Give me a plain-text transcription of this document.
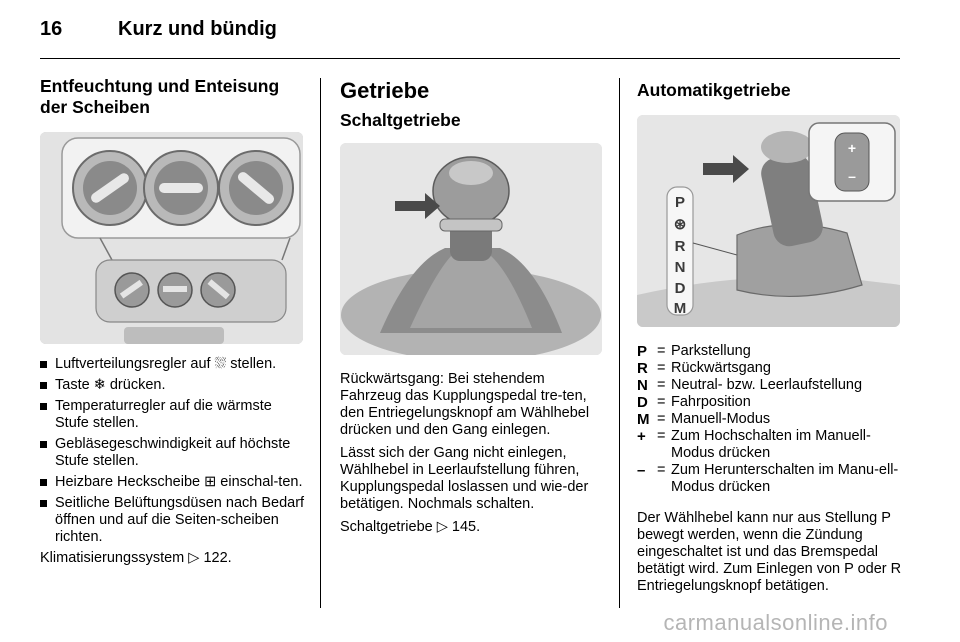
16	Kurz und bündig
Entfeuchtung und Enteisung der Scheiben
Luftverteilungsregler auf ⛆ stellen.
Taste ❄ drücken.
Temperaturregler auf die wärmste Stufe stellen.
Gebläsegeschwindigkeit auf höchste Stufe stellen.
Heizbare Heckscheibe ⊞ einschal-ten.
Seitliche Belüftungsdüsen nach Bedarf öffnen und auf die Seiten-scheiben richten.
Klimatisierungssystem ▷ 122.
Getriebe
Schaltgetriebe

Rückwärtsgang: Bei stehendem Fahrzeug das Kupplungspedal tre-ten, den Entriegelungsknopf am Wählhebel drücken und den Gang einlegen.

Lässt sich der Gang nicht einlegen, Wählhebel in Leerlaufstellung führen, Kupplungspedal loslassen und wie-der betätigen. Nochmals schalten.

Schaltgetriebe ▷ 145.
Automatikgetriebe
P
⊛
R
N
D
M
+
–
P	=	Parkstellung
R	=	Rückwärtsgang
N	=	Neutral- bzw. Leerlaufstellung
D	=	Fahrposition
M	=	Manuell-Modus
+	=	Zum Hochschalten im Manuell-Modus drücken
–	=	Zum Herunterschalten im Manu-ell-Modus drücken

Der Wählhebel kann nur aus Stellung P bewegt werden, wenn die Zündung eingeschaltet ist und das Bremspedal betätigt wird. Zum Einlegen von P oder R Entriegelungsknopf betätigen.

carmanualsonline.info
